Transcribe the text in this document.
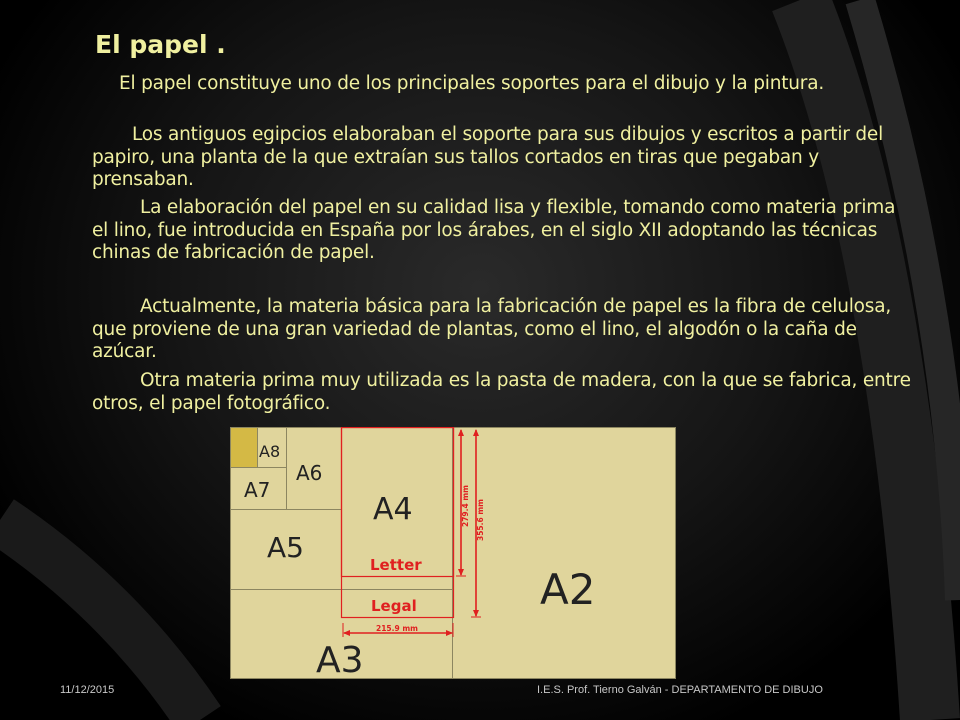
El papel .

El papel constituye uno de los principales soportes para el dibujo y la pintura.

Los antiguos egipcios elaboraban el soporte para sus dibujos y escritos a partir del papiro, una planta de la que extraían sus tallos cortados en tiras que pegaban y prensaban.

La elaboración del papel en su calidad lisa y flexible, tomando como materia prima el lino, fue introducida en España por los árabes, en el siglo XII adoptando las técnicas chinas de fabricación de papel.

Actualmente, la materia básica para la fabricación de papel es la fibra de celulosa, que proviene de una gran variedad de plantas, como el lino, el algodón o la caña de azúcar.

Otra materia prima muy utilizada es la pasta de madera, con la que se fabrica, entre otros, el papel fotográfico.

A8
A7
A6
A5
A4
A2
A3
Letter
Legal
279.4 mm 355.6 mm
215.9 mm
11/12/2015	I.E.S. Prof. Tierno Galván - DEPARTAMENTO DE DIBUJO
